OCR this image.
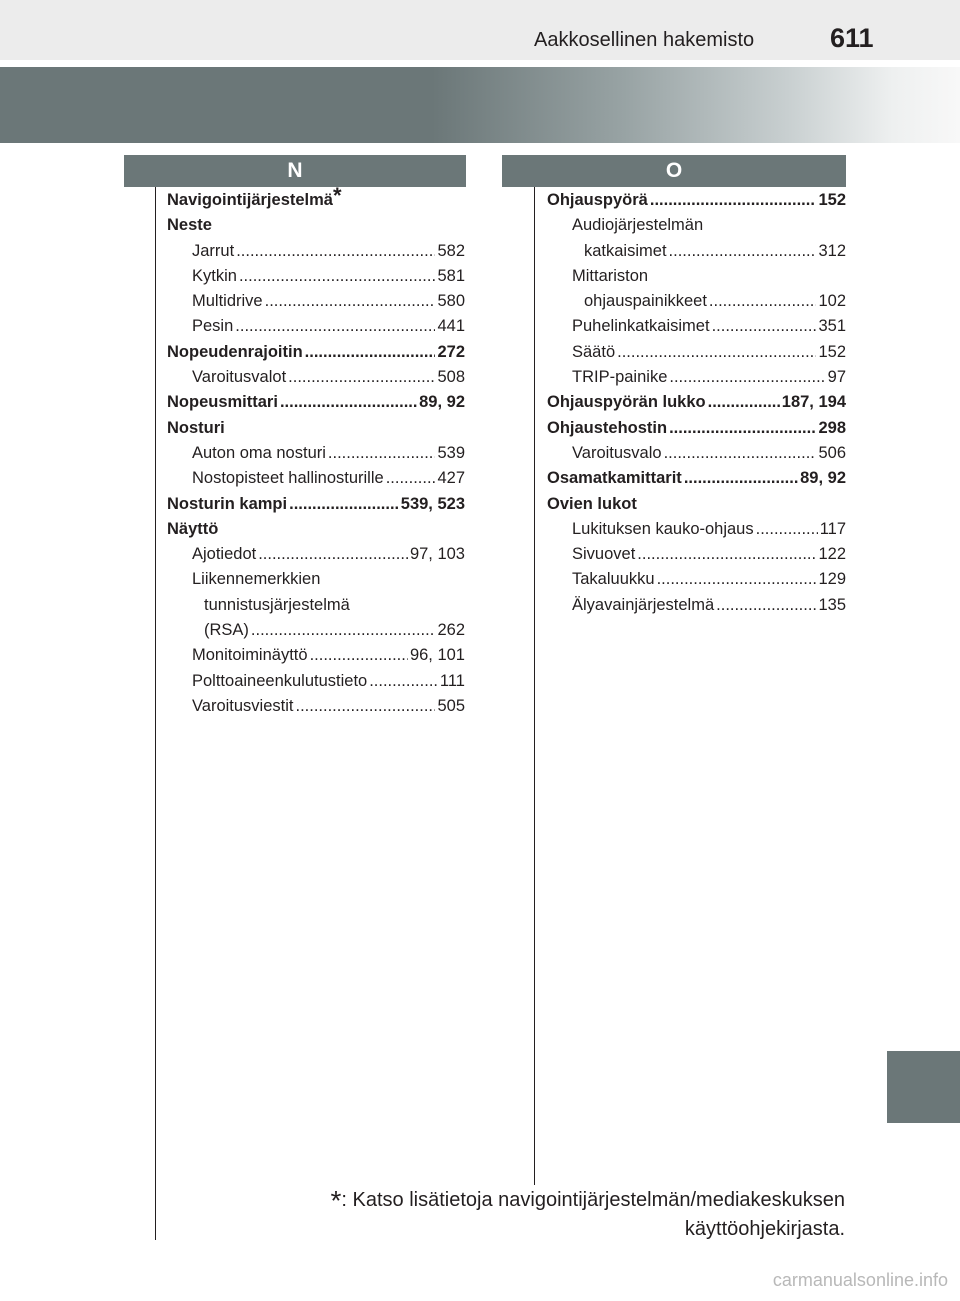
Aakkosellinen hakemisto	611
N	O
Navigointijärjestelmä*
Neste
Jarrut .....	582
Kytkin .....	581
Multidrive .....	580
Pesin .....	441
Nopeudenrajoitin .....	272
Varoitusvalot .....	508
Nopeusmittari .....	89, 92
Nosturi
Auton oma nosturi .....	539
Nostopisteet hallinosturille .....	427
Nosturin kampi .....	539, 523
Näyttö
Ajotiedot .....	97, 103
Liikennemerkkien
tunnistusjärjestelmä
(RSA) .....	262
Monitoiminäyttö .....	96, 101
Polttoaineenkulutustieto .....	111
Varoitusviestit .....	505
Ohjauspyörä .....	152
Audiojärjestelmän
katkaisimet .....	312
Mittariston
ohjauspainikkeet .....	102
Puhelinkatkaisimet .....	351
Säätö .....	152
TRIP-painike .....	97
Ohjauspyörän lukko .....	187, 194
Ohjaustehostin .....	298
Varoitusvalo .....	506
Osamatkamittarit .....	89, 92
Ovien lukot
Lukituksen kauko-ohjaus .....	117
Sivuovet .....	122
Takaluukku .....	129
Älyavainjärjestelmä .....	135
*: Katso lisätietoja navigointijärjestelmän/mediakeskuksen
käyttöohjekirjasta.
carmanualsonline.info
